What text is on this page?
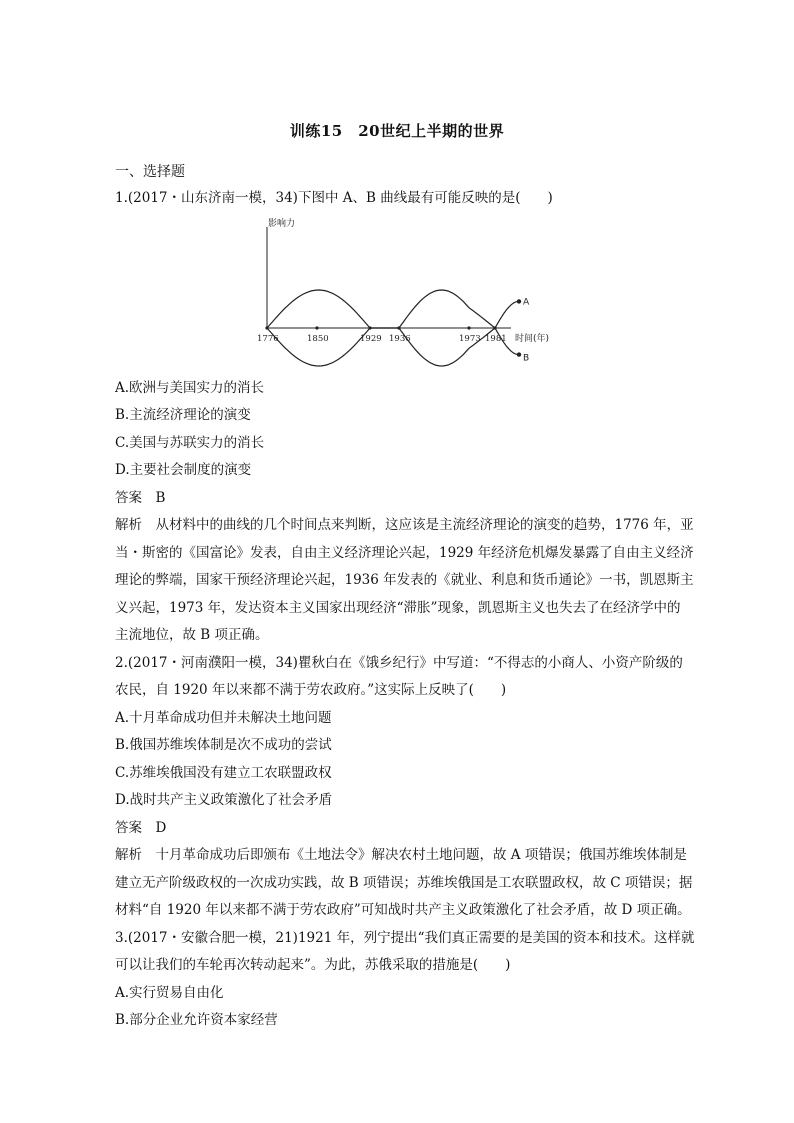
训练15　20世纪上半期的世界
一、选择题
1.(2017・山东济南一模，34)下图中 A、B 曲线最有可能反映的是(　　)
影响力
时间(年)
1776	1850	1929 1936	1973 1981
A
B
A.欧洲与美国实力的消长
B.主流经济理论的演变
C.美国与苏联实力的消长
D.主要社会制度的演变
答案　B
解析　从材料中的曲线的几个时间点来判断，这应该是主流经济理论的演变的趋势，1776 年，亚
当・斯密的《国富论》发表，自由主义经济理论兴起，1929 年经济危机爆发暴露了自由主义经济
理论的弊端，国家干预经济理论兴起，1936 年发表的《就业、利息和货币通论》一书，凯恩斯主
义兴起，1973 年，发达资本主义国家出现经济“滞胀”现象，凯恩斯主义也失去了在经济学中的
主流地位，故 B 项正确。
2.(2017・河南濮阳一模，34)瞿秋白在《饿乡纪行》中写道：“不得志的小商人、小资产阶级的
农民，自 1920 年以来都不满于劳农政府。”这实际上反映了(　　)
A.十月革命成功但并未解决土地问题
B.俄国苏维埃体制是次不成功的尝试
C.苏维埃俄国没有建立工农联盟政权
D.战时共产主义政策激化了社会矛盾
答案　D
解析　十月革命成功后即颁布《土地法令》解决农村土地问题，故 A 项错误；俄国苏维埃体制是
建立无产阶级政权的一次成功实践，故 B 项错误；苏维埃俄国是工农联盟政权，故 C 项错误；据
材料“自 1920 年以来都不满于劳农政府”可知战时共产主义政策激化了社会矛盾，故 D 项正确。
3.(2017・安徽合肥一模，21)1921 年，列宁提出“我们真正需要的是美国的资本和技术。这样就
可以让我们的车轮再次转动起来”。为此，苏俄采取的措施是(　　)
A.实行贸易自由化
B.部分企业允许资本家经营
